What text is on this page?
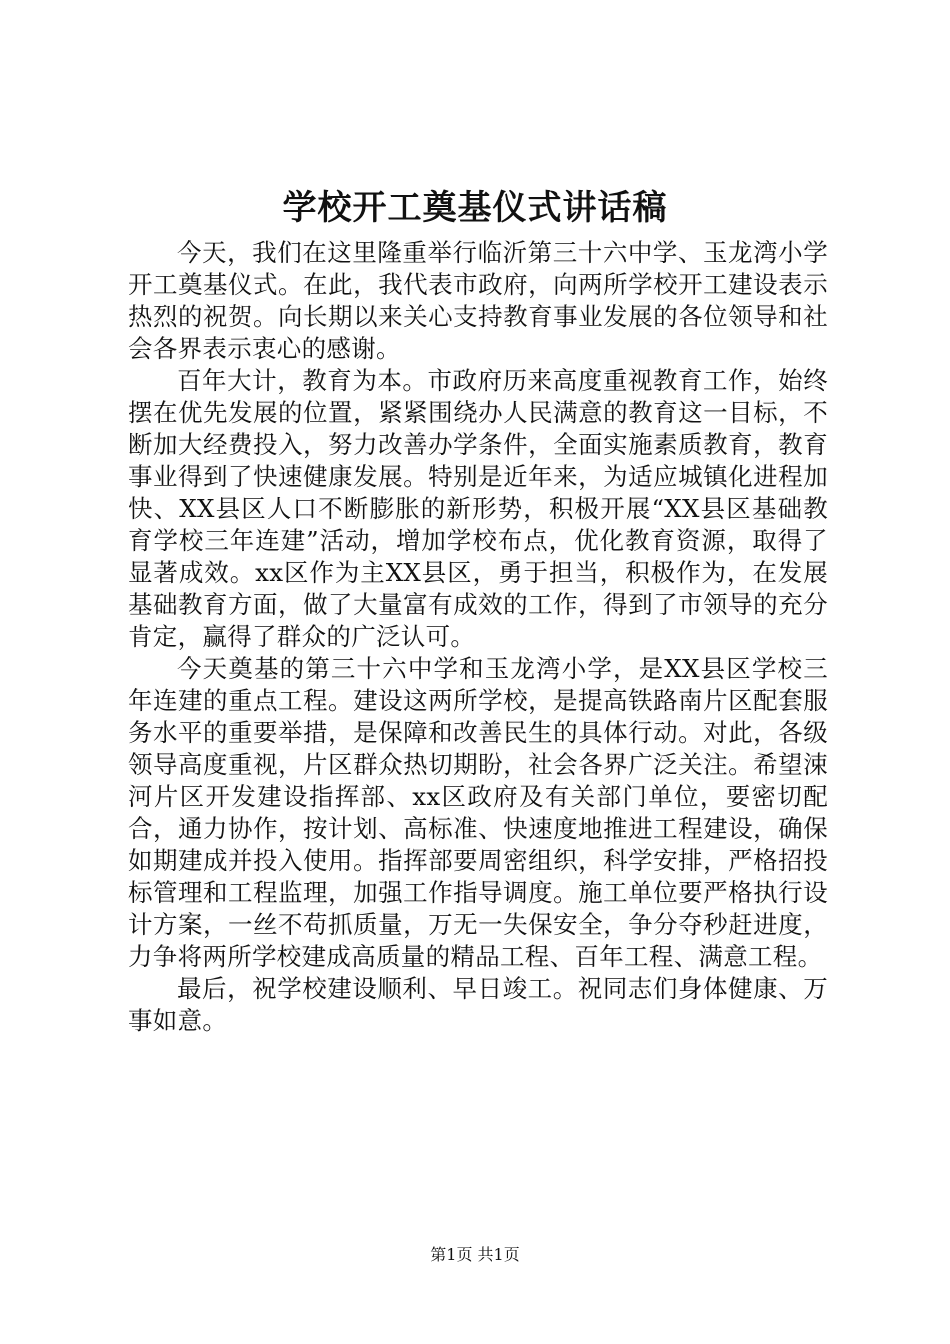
学校开工奠基仪式讲话稿

今天，我们在这里隆重举行临沂第三十六中学、玉龙湾小学开工奠基仪式。在此，我代表市政府，向两所学校开工建设表示热烈的祝贺。向长期以来关心支持教育事业发展的各位领导和社会各界表示衷心的感谢。

百年大计，教育为本。市政府历来高度重视教育工作，始终摆在优先发展的位置，紧紧围绕办人民满意的教育这一目标，不断加大经费投入，努力改善办学条件，全面实施素质教育，教育事业得到了快速健康发展。特别是近年来，为适应城镇化进程加快、XX县区人口不断膨胀的新形势，积极开展“XX县区基础教育学校三年连建”活动，增加学校布点，优化教育资源，取得了显著成效。xx区作为主XX县区，勇于担当，积极作为，在发展基础教育方面，做了大量富有成效的工作，得到了市领导的充分肯定，赢得了群众的广泛认可。

今天奠基的第三十六中学和玉龙湾小学，是XX县区学校三年连建的重点工程。建设这两所学校，是提高铁路南片区配套服务水平的重要举措，是保障和改善民生的具体行动。对此，各级领导高度重视，片区群众热切期盼，社会各界广泛关注。希望涑河片区开发建设指挥部、xx区政府及有关部门单位，要密切配合，通力协作，按计划、高标准、快速度地推进工程建设，确保如期建成并投入使用。指挥部要周密组织，科学安排，严格招投标管理和工程监理，加强工作指导调度。施工单位要严格执行设计方案，一丝不苟抓质量，万无一失保安全，争分夺秒赶进度，力争将两所学校建成高质量的精品工程、百年工程、满意工程。

最后，祝学校建设顺利、早日竣工。祝同志们身体健康、万事如意。

第1页 共1页
